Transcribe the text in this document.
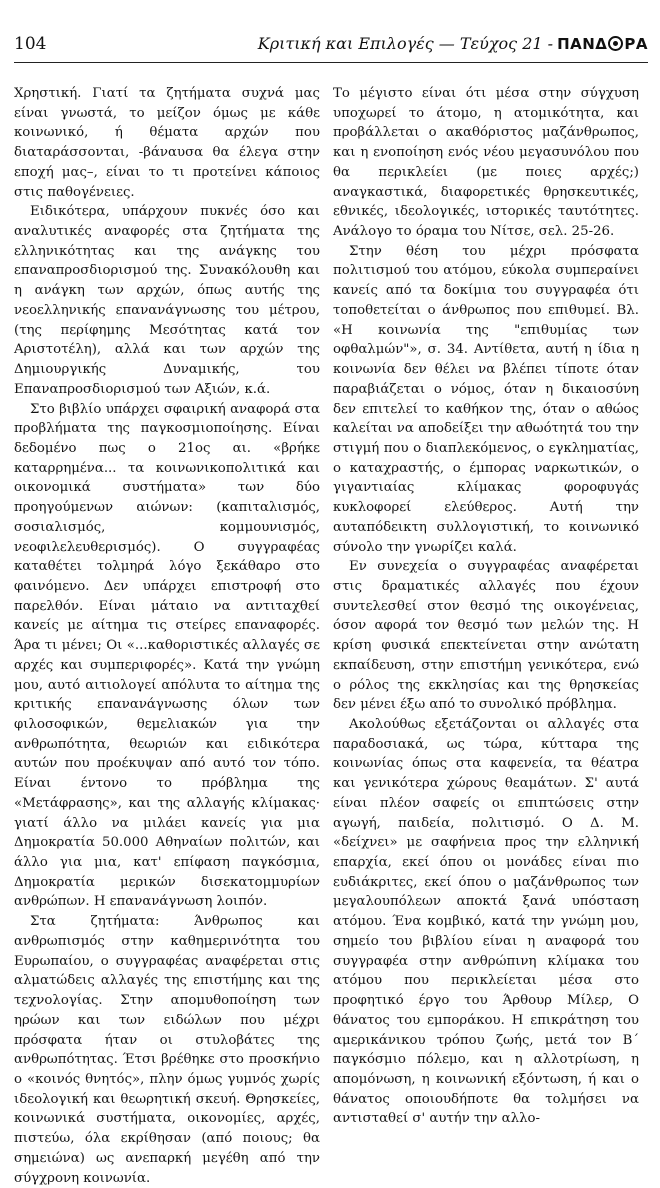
104	Κριτική και Επιλογές — Τεύχος 21 - ΠΑΝΔ ΡΑ

Χρηστική. Γιατί τα ζητήματα συχνά μας είναι γνωστά, το μείζον όμως με κάθε κοινωνικό, ή θέματα αρχών που διαταράσσονται, -βάναυσα θα έλεγα στην εποχή μας–, είναι το τι προτείνει κάποιος στις παθογένειες.

Ειδικότερα, υπάρχουν πυκνές όσο και αναλυτικές αναφορές στα ζητήματα της ελληνικότητας και της ανάγκης του επαναπροσδιορισμού της. Συνακόλουθη και η ανάγκη των αρχών, όπως αυτής της νεοελληνικής επανανάγνωσης του μέτρου, (της περίφημης Μεσότητας κατά τον Αριστοτέλη), αλλά και των αρχών της Δημιουργικής Δυναμικής, του Επαναπροσδιορισμού των Αξιών, κ.ά.

Στο βιβλίο υπάρχει σφαιρική αναφορά στα προβλήματα της παγκοσμιοποίησης. Είναι δεδομένο πως ο 21ος αι. «βρήκε καταρρημένα... τα κοινωνικοπολιτικά και οικονομικά συστήματα» των δύο προηγούμενων αιώνων: (καπιταλισμός, σοσιαλισμός, κομμουνισμός, νεοφιλελευθερισμός). Ο συγγραφέας καταθέτει τολμηρά λόγο ξεκάθαρο στο φαινόμενο. Δεν υπάρχει επιστροφή στο παρελθόν. Είναι μάταιο να αντιταχθεί κανείς με αίτημα τις στείρες επαναφορές. Άρα τι μένει; Οι «...καθοριστικές αλλαγές σε αρχές και συμπεριφορές». Κατά την γνώμη μου, αυτό αιτιολογεί απόλυτα το αίτημα της κριτικής επανανάγνωσης όλων των φιλοσοφικών, θεμελιακών για την ανθρωπότητα, θεωριών και ειδικότερα αυτών που προέκυψαν από αυτό τον τόπο. Είναι έντονο το πρόβλημα της «Μετάφρασης», και της αλλαγής κλίμακας· γιατί άλλο να μιλάει κανείς για μια Δημοκρατία 50.000 Αθηναίων πολιτών, και άλλο για μια, κατ' επίφαση παγκόσμια, Δημοκρατία μερικών δισεκατομμυρίων ανθρώπων. Η επανανάγνωση λοιπόν.

Στα ζητήματα: Άνθρωπος και ανθρωπισμός στην καθημερινότητα του Ευρωπαίου, ο συγγραφέας αναφέρεται στις αλματώδεις αλλαγές της επιστήμης και της τεχνολογίας. Στην απομυθοποίηση των ηρώων και των ειδώλων που μέχρι πρόσφατα ήταν οι στυλοβάτες της ανθρωπότητας. Έτσι βρέθηκε στο προσκήνιο ο «κοινός θνητός», πλην όμως γυμνός χωρίς ιδεολογική και θεωρητική σκευή. Θρησκείες, κοινωνικά συστήματα, οικονομίες, αρχές, πιστεύω, όλα εκρίθησαν (από ποιους; θα σημειώνα) ως ανεπαρκή μεγέθη από την σύγχρονη κοινωνία.

Το μέγιστο είναι ότι μέσα στην σύγχυση υποχωρεί το άτομο, η ατομικότητα, και προβάλλεται ο ακαθόριστος μαζάνθρωπος, και η ενοποίηση ενός νέου μεγασυνόλου που θα περικλείει (με ποιες αρχές;) αναγκαστικά, διαφορετικές θρησκευτικές, εθνικές, ιδεολογικές, ιστορικές ταυτότητες. Ανάλογο το όραμα του Νίτσε, σελ. 25-26.

Στην θέση του μέχρι πρόσφατα πολιτισμού του ατόμου, εύκολα συμπεραίνει κανείς από τα δοκίμια του συγγραφέα ότι τοποθετείται ο άνθρωπος που επιθυμεί. Βλ. «Η κοινωνία της "επιθυμίας των οφθαλμών"», σ. 34. Αντίθετα, αυτή η ίδια η κοινωνία δεν θέλει να βλέπει τίποτε όταν παραβιάζεται ο νόμος, όταν η δικαιοσύνη δεν επιτελεί το καθήκον της, όταν ο αθώος καλείται να αποδείξει την αθωότητά του την στιγμή που ο διαπλεκόμενος, ο εγκληματίας, ο καταχραστής, ο έμπορας ναρκωτικών, ο γιγαντιαίας κλίμακας φοροφυγάς κυκλοφορεί ελεύθερος. Αυτή την αυταπόδεικτη συλλογιστική, το κοινωνικό σύνολο την γνωρίζει καλά.

Εν συνεχεία ο συγγραφέας αναφέρεται στις δραματικές αλλαγές που έχουν συντελεσθεί στον θεσμό της οικογένειας, όσον αφορά τον θεσμό των μελών της. Η κρίση φυσικά επεκτείνεται στην ανώτατη εκπαίδευση, στην επιστήμη γενικότερα, ενώ ο ρόλος της εκκλησίας και της θρησκείας δεν μένει έξω από το συνολικό πρόβλημα.

Ακολούθως εξετάζονται οι αλλαγές στα παραδοσιακά, ως τώρα, κύτταρα της κοινωνίας όπως στα καφενεία, τα θέατρα και γενικότερα χώρους θεαμάτων. Σ' αυτά είναι πλέον σαφείς οι επιπτώσεις στην αγωγή, παιδεία, πολιτισμό. Ο Δ. Μ. «δείχνει» με σαφήνεια προς την ελληνική επαρχία, εκεί όπου οι μονάδες είναι πιο ευδιάκριτες, εκεί όπου ο μαζάνθρωπος των μεγαλουπόλεων αποκτά ξανά υπόσταση ατόμου. Ένα κομβικό, κατά την γνώμη μου, σημείο του βιβλίου είναι η αναφορά του συγγραφέα στην ανθρώπινη κλίμακα του ατόμου που περικλείεται μέσα στο προφητικό έργο του Άρθουρ Μίλερ, Ο θάνατος του εμποράκου. Η επικράτηση του αμερικάνικου τρόπου ζωής, μετά τον Β΄ παγκόσμιο πόλεμο, και η αλλοτρίωση, η απομόνωση, η κοινωνική εξόντωση, ή και ο θάνατος οποιουδήποτε θα τολμήσει να αντισταθεί σ' αυτήν την αλλο-
